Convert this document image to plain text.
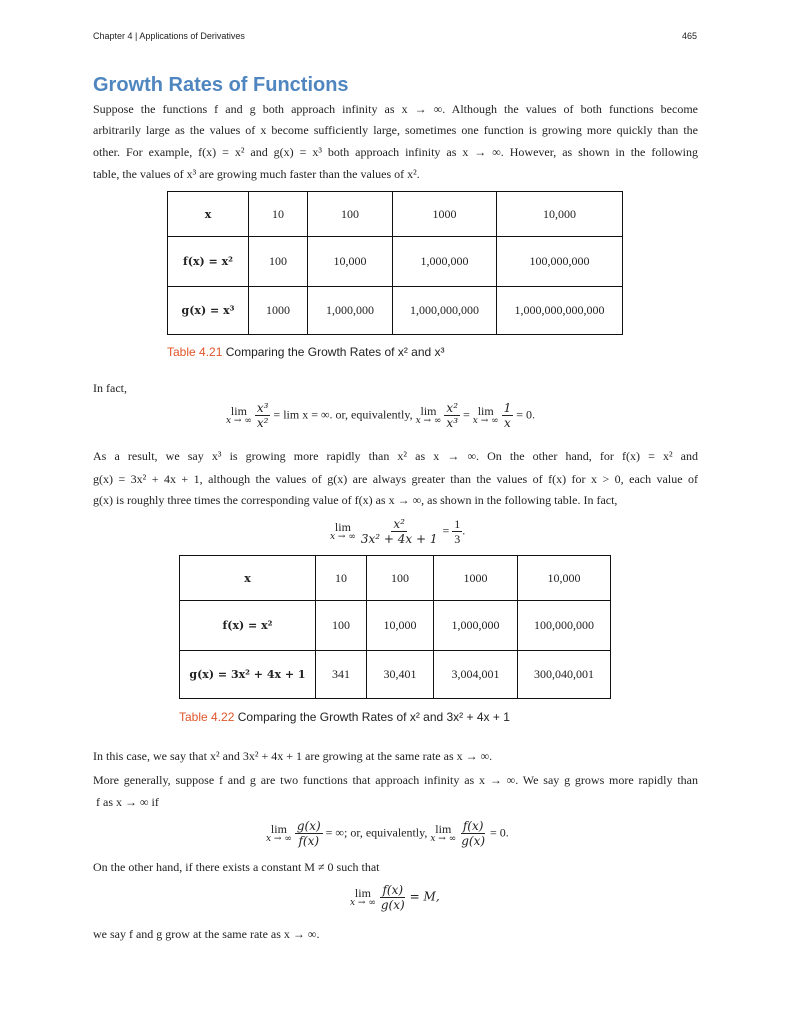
Chapter 4 | Applications of Derivatives	465
Growth Rates of Functions
Suppose the functions f and g both approach infinity as x → ∞. Although the values of both functions become
arbitrarily large as the values of x become sufficiently large, sometimes one function is growing more quickly than the
other. For example, f(x) = x² and g(x) = x³ both approach infinity as x → ∞. However, as shown in the following
table, the values of x³ are growing much faster than the values of x².
x	10	100	1000	10,000
f(x) = x²	100	10,000	1,000,000	100,000,000
g(x) = x³	1000	1,000,000	1,000,000,000	1,000,000,000,000
Table 4.21 Comparing the Growth Rates of x² and x³
In fact,
lim
x → ∞
$\frac{\text{x³}}{\text{x²}} = \lim x$ = ∞. or, equivalently, lim
x → ∞
$\frac{\text{x²}}{\text{x³}} = \lim$
x → ∞
$\frac{1}{x} = 0$.
As a result, we say x³ is growing more rapidly than x² as x → ∞. On the other hand, for f(x) = x² and
g(x) = 3x² + 4x + 1, although the values of g(x) are always greater than the values of f(x) for x > 0, each value of
g(x) is roughly three times the corresponding value of f(x) as x → ∞, as shown in the following table. In fact,
lim
x → ∞
$\frac{\text{x²}}{\text{3x² + 4x + 1}} = \frac{1}{3}$ .
x	10	100	1000	10,000
f(x) = x²	100	10,000	1,000,000	100,000,000
g(x) = 3x² + 4x + 1	341	30,401	3,004,001	300,040,001
Table 4.22 Comparing the Growth Rates of x² and 3x² + 4x + 1
In this case, we say that x² and 3x² + 4x + 1 are growing at the same rate as x → ∞.
More generally, suppose f and g are two functions that approach infinity as x → ∞. We say g grows more rapidly than
f as x → ∞ if
lim
x → ∞
$\frac{g(x)}{f(x)}$ = ∞; or, equivalently, lim
x → ∞
$\frac{f(x)}{g(x)} = 0$.
On the other hand, if there exists a constant M ≠ 0 such that
lim
x → ∞
$\frac{f(x)}{g(x)} = M$,
we say f and g grow at the same rate as x → ∞.
